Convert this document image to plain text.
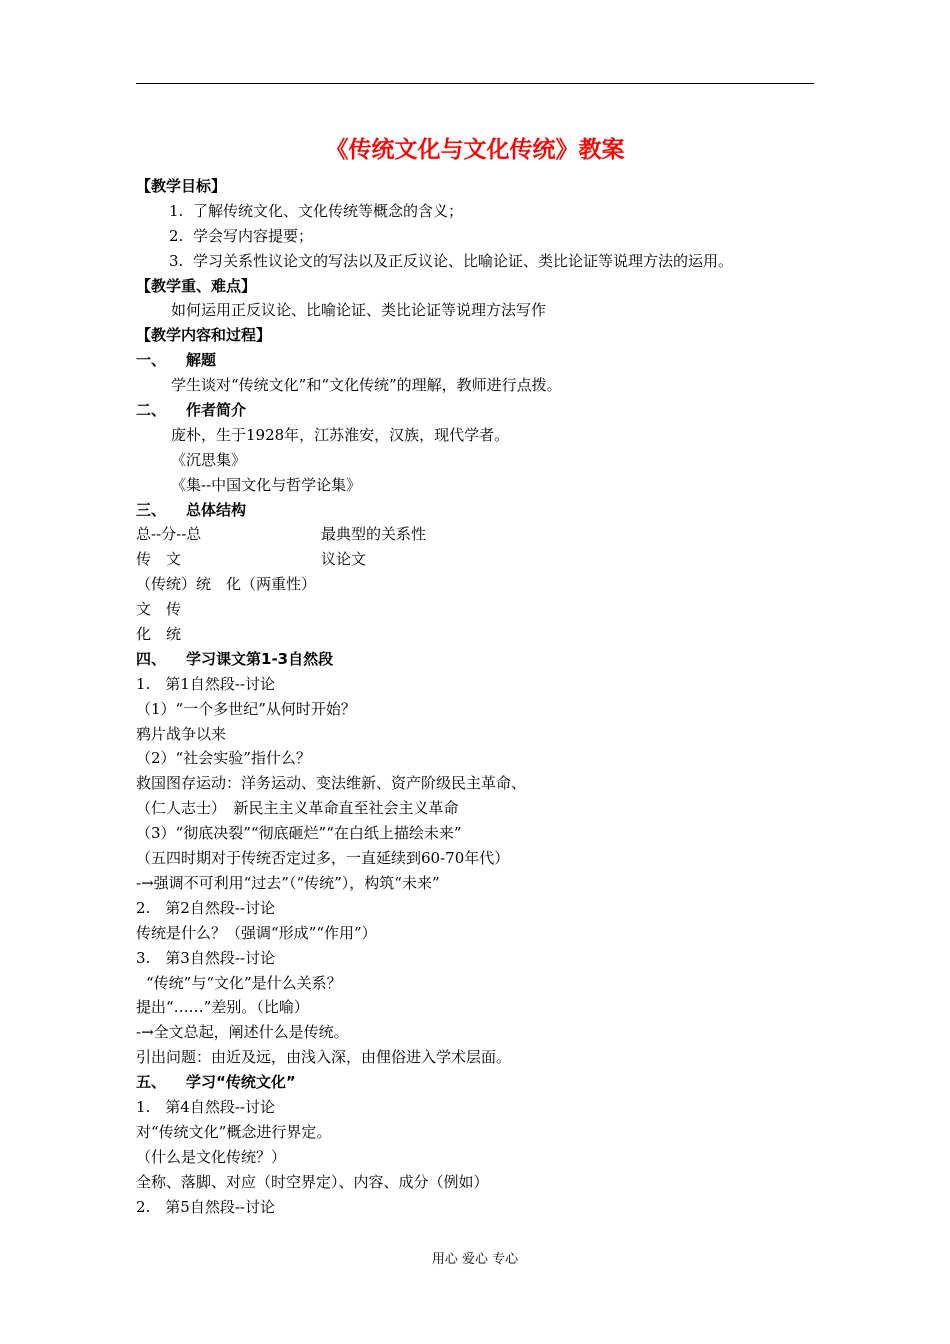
《传统文化与文化传统》教案
【教学目标】
1. 了解传统文化、文化传统等概念的含义；
2. 学会写内容提要；
3. 学习关系性议论文的写法以及正反议论、比喻论证、类比论证等说理方法的运用。
【教学重、难点】
如何运用正反议论、比喻论证、类比论证等说理方法写作
【教学内容和过程】
一、 解题
学生谈对“传统文化”和“文化传统”的理解，教师进行点拨。
二、 作者简介
庞朴，生于1928年，江苏淮安，汉族，现代学者。
《沉思集》
《集--中国文化与哲学论集》
三、 总体结构
总--分--总	最典型的关系性
传　文	议论文
（传统）统　化（两重性）
文　传
化　统
四、 学习课文第1-3自然段
1.　第1自然段--讨论
（1）“一个多世纪”从何时开始？
鸦片战争以来
（2）“社会实验”指什么？
救国图存运动：洋务运动、变法维新、资产阶级民主革命、
（仁人志士）　新民主主义革命直至社会主义革命
（3）“彻底决裂”“彻底砸烂”“在白纸上描绘未来”
（五四时期对于传统否定过多，一直延续到60-70年代）
-→强调不可利用“过去”（“传统”），构筑“未来”
2.　第2自然段--讨论
传统是什么？（强调“形成”“作用”）
3.　第3自然段--讨论
“传统”与“文化”是什么关系？
提出“……”差别。（比喻）
-→全文总起，阐述什么是传统。
引出问题：由近及远，由浅入深，由俚俗进入学术层面。
五、 学习“传统文化”
1.　第4自然段--讨论
对“传统文化”概念进行界定。
（什么是文化传统？）
全称、落脚、对应（时空界定）、内容、成分（例如）
2.　第5自然段--讨论
用心 爱心 专心
